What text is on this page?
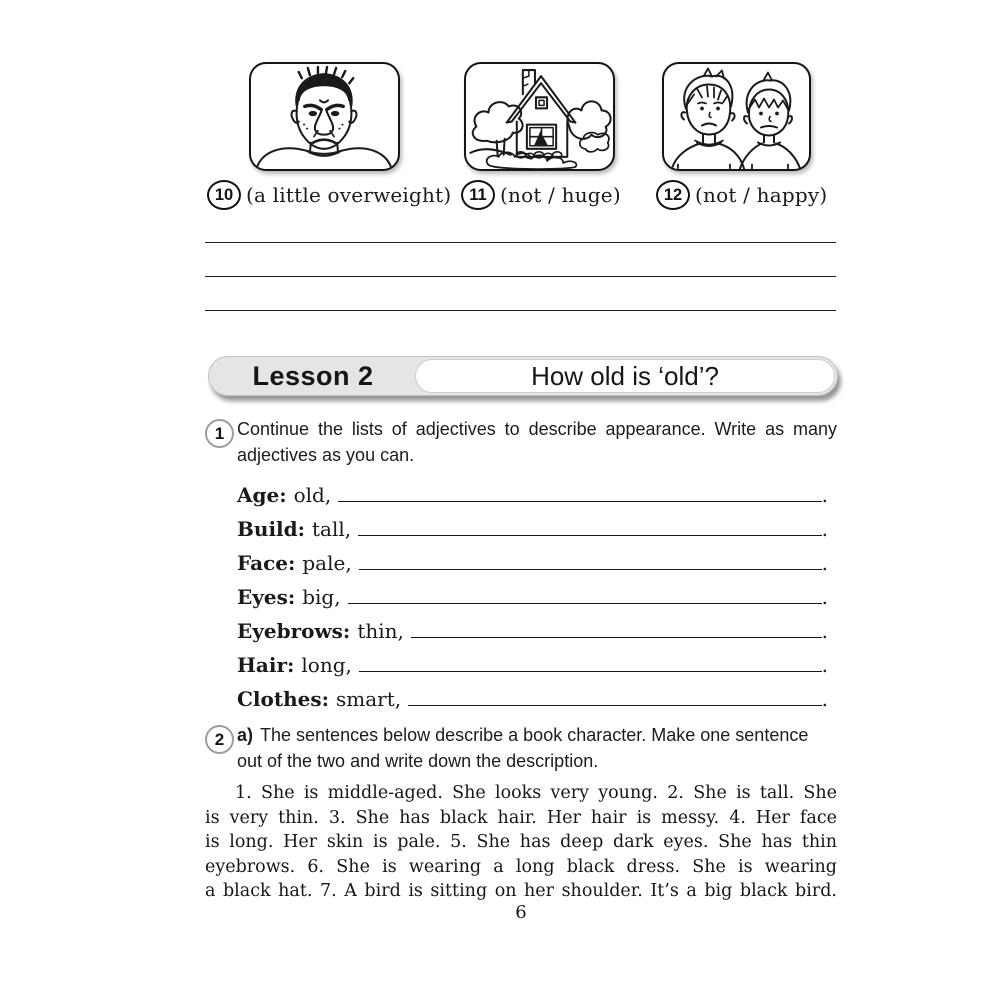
10 (a little overweight)	11 (not / huge)	12 (not / happy)
Lesson 2	How old is ‘old’?
1 Continue the lists of adjectives to describe appearance. Write as many
adjectives as you can.
Age: old,	.
Build: tall,	.
Face: pale,	.
Eyes: big,	.
Eyebrows: thin,	.
Hair: long,	.
Clothes: smart,	.
2 a) The sentences below describe a book character. Make one sentence
out of the two and write down the description.
1. She is middle-aged. She looks very young. 2. She is tall. She
is very thin. 3. She has black hair. Her hair is messy. 4. Her face
is long. Her skin is pale. 5. She has deep dark eyes. She has thin
eyebrows. 6. She is wearing a long black dress. She is wearing
a black hat. 7. A bird is sitting on her shoulder. It’s a big black bird.
6
